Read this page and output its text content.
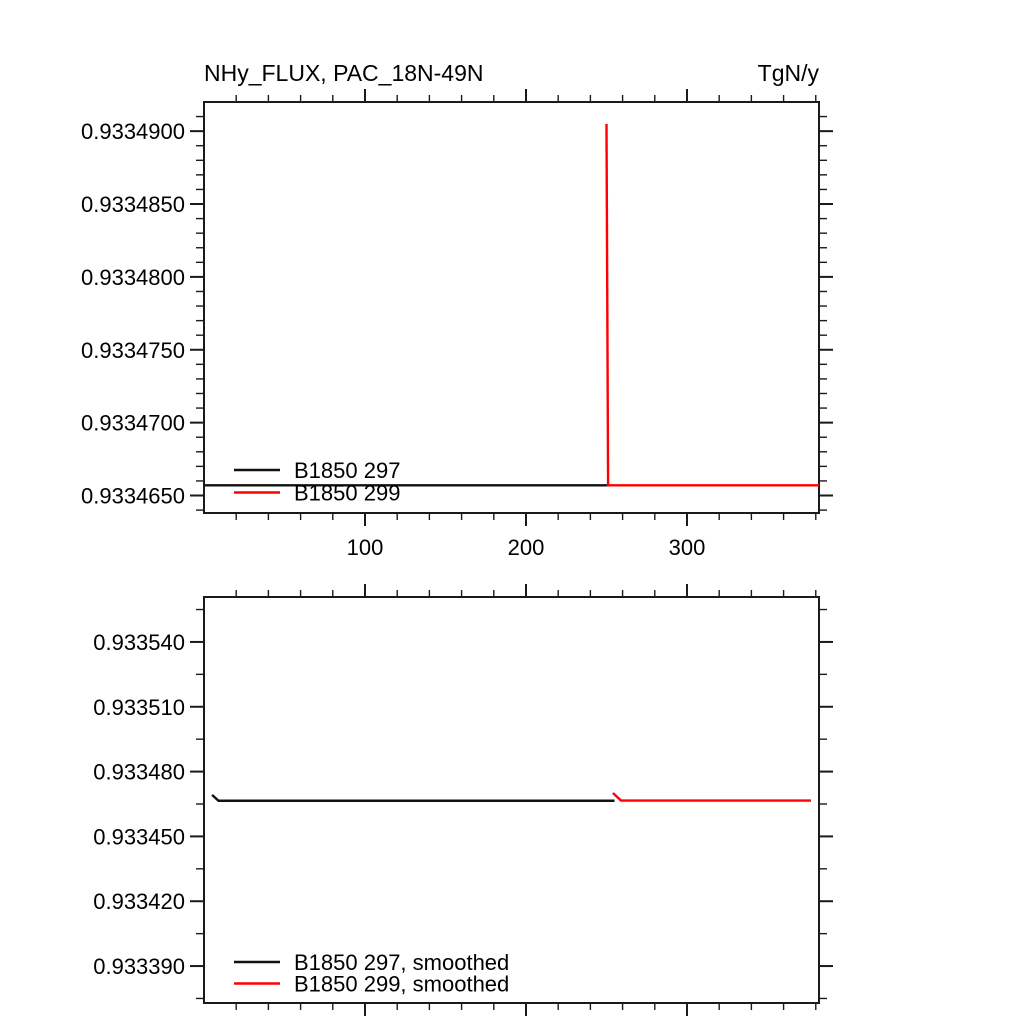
NHy_FLUX, PAC_18N-49N	TgN/y
100	200	300
0.9334650
0.9334700
0.9334750
0.9334800
0.9334850
0.9334900
B1850 297
B1850 299
0.933390
0.933420
0.933450
0.933480
0.933510
0.933540
B1850 297, smoothed
B1850 299, smoothed
